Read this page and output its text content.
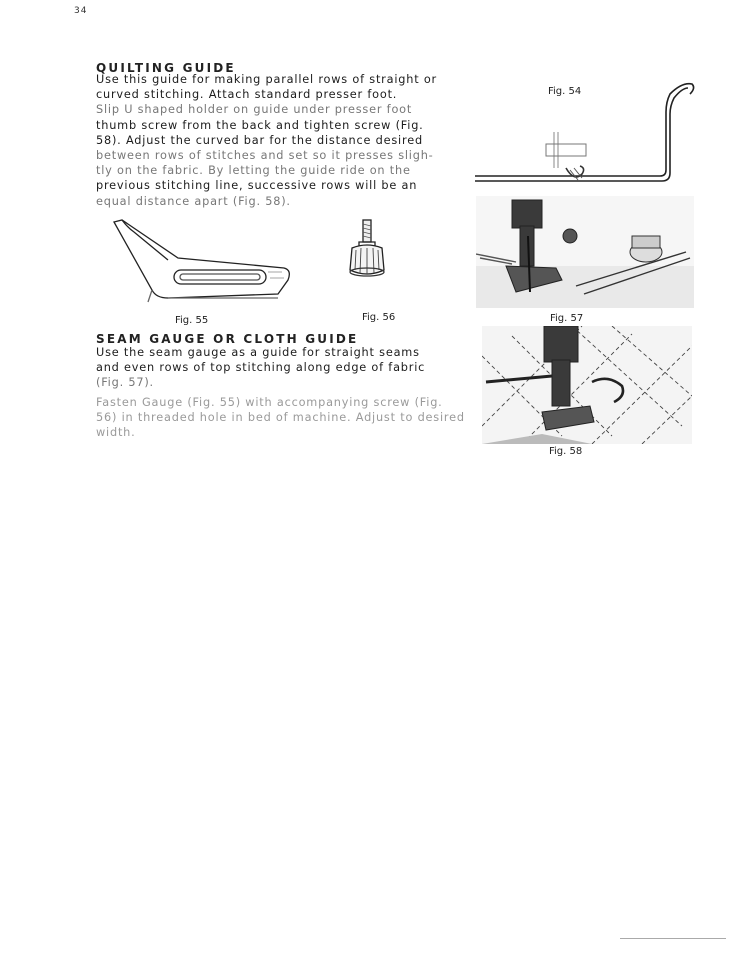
34
QUILTING GUIDE
Use this guide for making parallel rows of straight or
curved stitching. Attach standard presser foot.
Slip U shaped holder on guide under presser foot
thumb screw from the back and tighten screw (Fig.
58). Adjust the curved bar for the distance desired
between rows of stitches and set so it presses sligh-
tly on the fabric. By letting the guide ride on the
previous stitching line, successive rows will be an
equal distance apart (Fig. 58).
Fig. 54
Fig. 55	Fig. 56	Fig. 57
SEAM GAUGE OR CLOTH GUIDE
Use the seam gauge as a guide for straight seams
and even rows of top stitching along edge of fabric
(Fig. 57).
Fasten Gauge (Fig. 55) with accompanying screw (Fig.
56) in threaded hole in bed of machine. Adjust to desired
width.
Fig. 58
